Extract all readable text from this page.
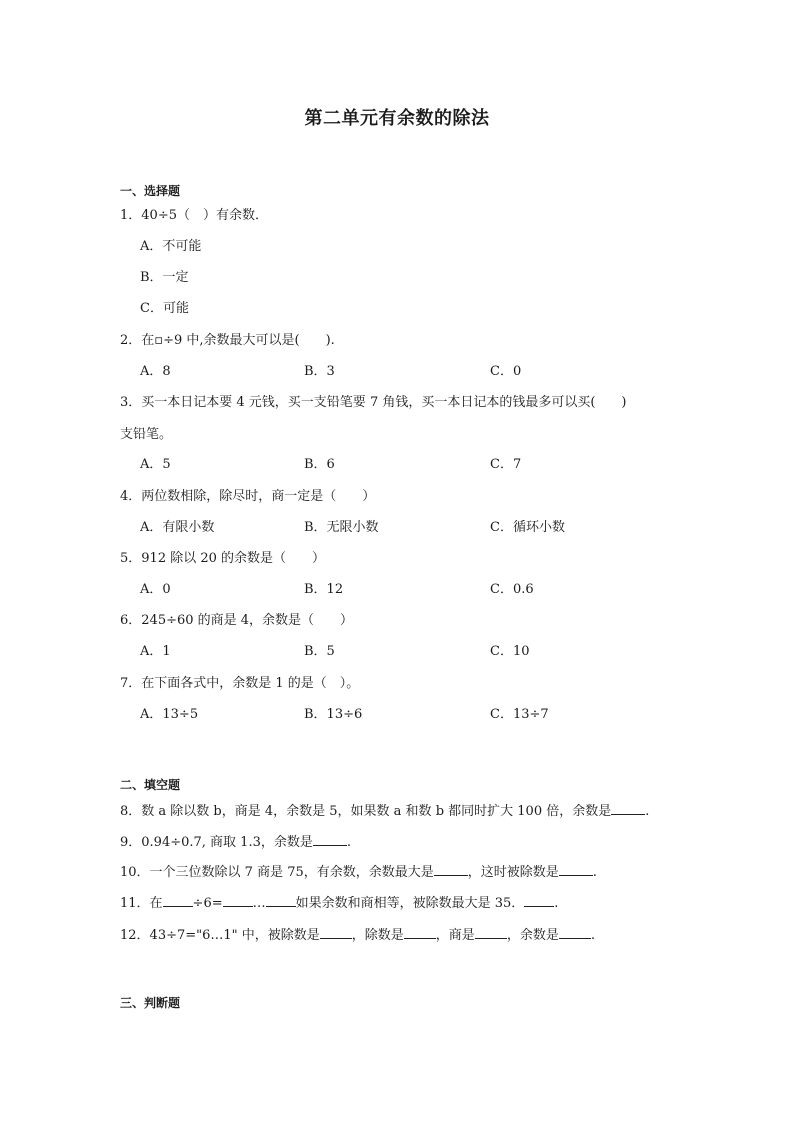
第二单元有余数的除法
一、选择题
1．40÷5（　）有余数．
A．不可能
B．一定
C．可能
2．在▫÷9 中,余数最大可以是(　　).
A．8	B．3	C．0
3．买一本日记本要 4 元钱，买一支铅笔要 7 角钱，买一本日记本的钱最多可以买(　　)
支铅笔。
A．5	B．6	C．7
4．两位数相除，除尽时，商一定是（　　）
A．有限小数	B．无限小数	C．循环小数
5．912 除以 20 的余数是（　　）
A．0	B．12	C．0.6
6．245÷60 的商是 4，余数是（　　）
A．1	B．5	C．10
7．在下面各式中，余数是 1 的是（　）。
A．13÷5	B．13÷6	C．13÷7
二、填空题
8．数 a 除以数 b，商是 4，余数是 5，如果数 a 和数 b 都同时扩大 100 倍，余数是	.
9．0.94÷0.7, 商取 1.3，余数是	.
10．一个三位数除以 7 商是 75，有余数，余数最大是	，这时被除数是	.
11．在 ÷6= … 如果余数和商相等，被除数最大是 35． .
12．43÷7="6…1" 中，被除数是 ，除数是 ，商是 ，余数是 .
三、判断题
